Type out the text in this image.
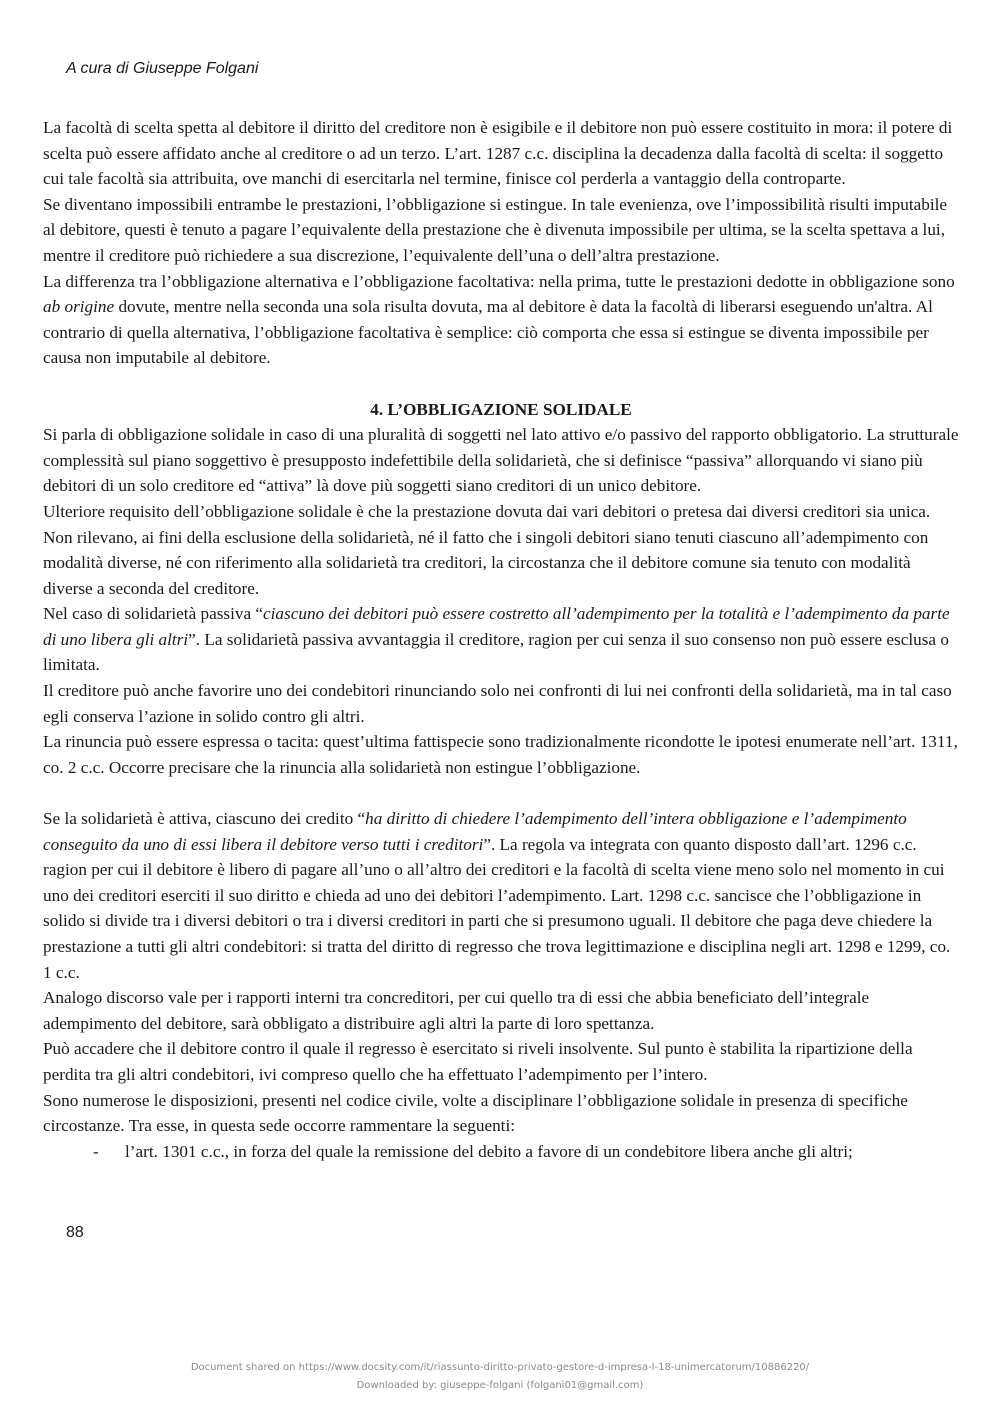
A cura di Giuseppe Folgani

La facoltà di scelta spetta al debitore il diritto del creditore non è esigibile e il debitore non può essere costituito in mora: il potere di scelta può essere affidato anche al creditore o ad un terzo. L’art. 1287 c.c. disciplina la decadenza dalla facoltà di scelta: il soggetto cui tale facoltà sia attribuita, ove manchi di esercitarla nel termine, finisce col perderla a vantaggio della controparte.

Se diventano impossibili entrambe le prestazioni, l’obbligazione si estingue. In tale evenienza, ove l’impossibilità risulti imputabile al debitore, questi è tenuto a pagare l’equivalente della prestazione che è divenuta impossibile per ultima, se la scelta spettava a lui, mentre il creditore può richiedere a sua discrezione, l’equivalente dell’una o dell’altra prestazione.

La differenza tra l’obbligazione alternativa e l’obbligazione facoltativa: nella prima, tutte le prestazioni dedotte in obbligazione sono ab origine dovute, mentre nella seconda una sola risulta dovuta, ma al debitore è data la facoltà di liberarsi eseguendo un'altra. Al contrario di quella alternativa, l’obbligazione facoltativa è semplice: ciò comporta che essa si estingue se diventa impossibile per causa non imputabile al debitore.

4. L’OBBLIGAZIONE SOLIDALE

Si parla di obbligazione solidale in caso di una pluralità di soggetti nel lato attivo e/o passivo del rapporto obbligatorio. La strutturale complessità sul piano soggettivo è presupposto indefettibile della solidarietà, che si definisce “passiva” allorquando vi siano più debitori di un solo creditore ed “attiva” là dove più soggetti siano creditori di un unico debitore.

Ulteriore requisito dell’obbligazione solidale è che la prestazione dovuta dai vari debitori o pretesa dai diversi creditori sia unica. Non rilevano, ai fini della esclusione della solidarietà, né il fatto che i singoli debitori siano tenuti ciascuno all’adempimento con modalità diverse, né con riferimento alla solidarietà tra creditori, la circostanza che il debitore comune sia tenuto con modalità diverse a seconda del creditore.

Nel caso di solidarietà passiva “ciascuno dei debitori può essere costretto all’adempimento per la totalità e l’adempimento da parte di uno libera gli altri”. La solidarietà passiva avvantaggia il creditore, ragion per cui senza il suo consenso non può essere esclusa o limitata.

Il creditore può anche favorire uno dei condebitori rinunciando solo nei confronti di lui nei confronti della solidarietà, ma in tal caso egli conserva l’azione in solido contro gli altri.

La rinuncia può essere espressa o tacita: quest’ultima fattispecie sono tradizionalmente ricondotte le ipotesi enumerate nell’art. 1311, co. 2 c.c. Occorre precisare che la rinuncia alla solidarietà non estingue l’obbligazione.

Se la solidarietà è attiva, ciascuno dei credito “ha diritto di chiedere l’adempimento dell’intera obbligazione e l’adempimento conseguito da uno di essi libera il debitore verso tutti i creditori”. La regola va integrata con quanto disposto dall’art. 1296 c.c. ragion per cui il debitore è libero di pagare all’uno o all’altro dei creditori e la facoltà di scelta viene meno solo nel momento in cui uno dei creditori eserciti il suo diritto e chieda ad uno dei debitori l’adempimento. Lart. 1298 c.c. sancisce che l’obbligazione in solido si divide tra i diversi debitori o tra i diversi creditori in parti che si presumono uguali. Il debitore che paga deve chiedere la prestazione a tutti gli altri condebitori: si tratta del diritto di regresso che trova legittimazione e disciplina negli art. 1298 e 1299, co. 1 c.c.

Analogo discorso vale per i rapporti interni tra concreditori, per cui quello tra di essi che abbia beneficiato dell’integrale adempimento del debitore, sarà obbligato a distribuire agli altri la parte di loro spettanza.

Può accadere che il debitore contro il quale il regresso è esercitato si riveli insolvente. Sul punto è stabilita la ripartizione della perdita tra gli altri condebitori, ivi compreso quello che ha effettuato l’adempimento per l’intero.

Sono numerose le disposizioni, presenti nel codice civile, volte a disciplinare l’obbligazione solidale in presenza di specifiche circostanze. Tra esse, in questa sede occorre rammentare la seguenti:

-	l’art. 1301 c.c., in forza del quale la remissione del debito a favore di un condebitore libera anche gli altri;
88
Document shared on https://www.docsity.com/it/riassunto-diritto-privato-gestore-d-impresa-l-18-unimercatorum/10886220/
Downloaded by: giuseppe-folgani (folgani01@gmail.com)
